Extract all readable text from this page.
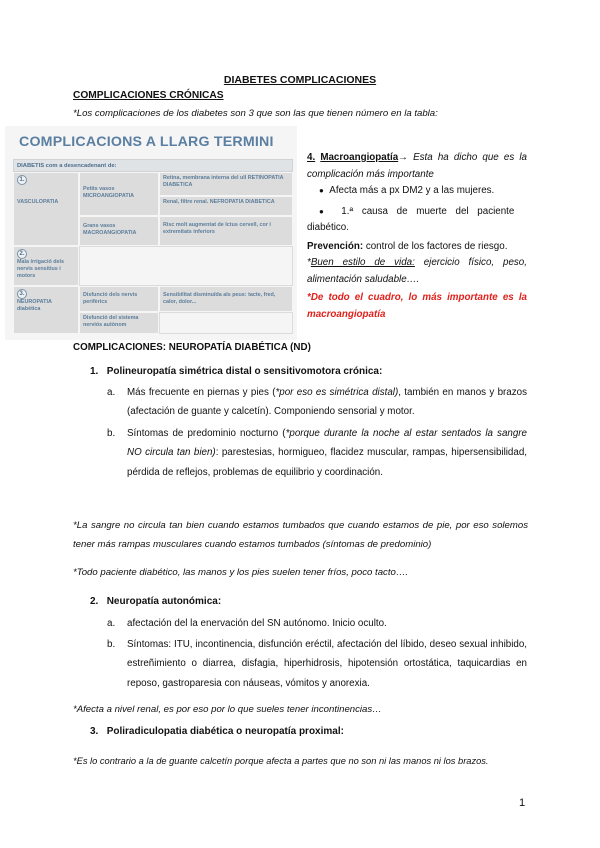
DIABETES COMPLICACIONES
COMPLICACIONES CRÓNICAS
*Los complicaciones de los diabetes son 3 que son las que tienen número en la tabla:
COMPLICACIONS A LLARG TERMINI
DIABETIS com a desencadenant de:
1.

VASCULOPATIA
Petits vasos MICROANGIOPATIA
Retina, membrana interna del ull RETINOPATIA DIABETICA
Renal, filtre renal. NEFROPATIA DIABETICA
Grans vasos MACROANGIOPATIA
Risc molt augmentat de Ictus cervell, cor i extremitats inferiors
2.
Mala irrigació dels nervis sensitius i motors
3.
NEUROPATIA diabètica
Disfunció dels nervis perifèrics
Sensibilitat disminuïda als peus: tacte, fred, calor, dolor...
Disfunció del sistema nerviós autònom
4. Macroangiopatía→ Esta ha dicho que es la complicación más importante
● Afecta más a px DM2 y a las mujeres.
● 1.ª causa de muerte del paciente
diabético.
Prevención: control de los factores de riesgo.
*Buen estilo de vida: ejercicio físico, peso, alimentación saludable….
*De todo el cuadro, lo más importante es la macroangiopatía
COMPLICACIONES: NEUROPATÍA DIABÉTICA (ND)
1. Polineuropatía simétrica distal o sensitivomotora crónica:
a. Más frecuente en piernas y pies (*por eso es simétrica distal), también en manos y brazos (afectación de guante y calcetín). Componiendo sensorial y motor.
b. Síntomas de predominio nocturno (*porque durante la noche al estar sentados la sangre NO circula tan bien): parestesias, hormigueo, flacidez muscular, rampas, hipersensibilidad, pérdida de reflejos, problemas de equilibrio y coordinación.
*La sangre no circula tan bien cuando estamos tumbados que cuando estamos de pie, por eso solemos tener más rampas musculares cuando estamos tumbados (síntomas de predominio)
*Todo paciente diabético, las manos y los pies suelen tener fríos, poco tacto….
2. Neuropatía autonómica:
a. afectación del la enervación del SN autónomo. Inicio oculto.
b. Síntomas: ITU, incontinencia, disfunción eréctil, afectación del líbido, deseo sexual inhibido, estreñimiento o diarrea, disfagia, hiperhidrosis, hipotensión ortostática, taquicardias en reposo, gastroparesia con náuseas, vómitos y anorexia.
*Afecta a nivel renal, es por eso por lo que sueles tener incontinencias…
3. Poliradiculopatia diabética o neuropatía proximal:
*Es lo contrario a la de guante calcetín porque afecta a partes que no son ni las manos ni los brazos.
1
